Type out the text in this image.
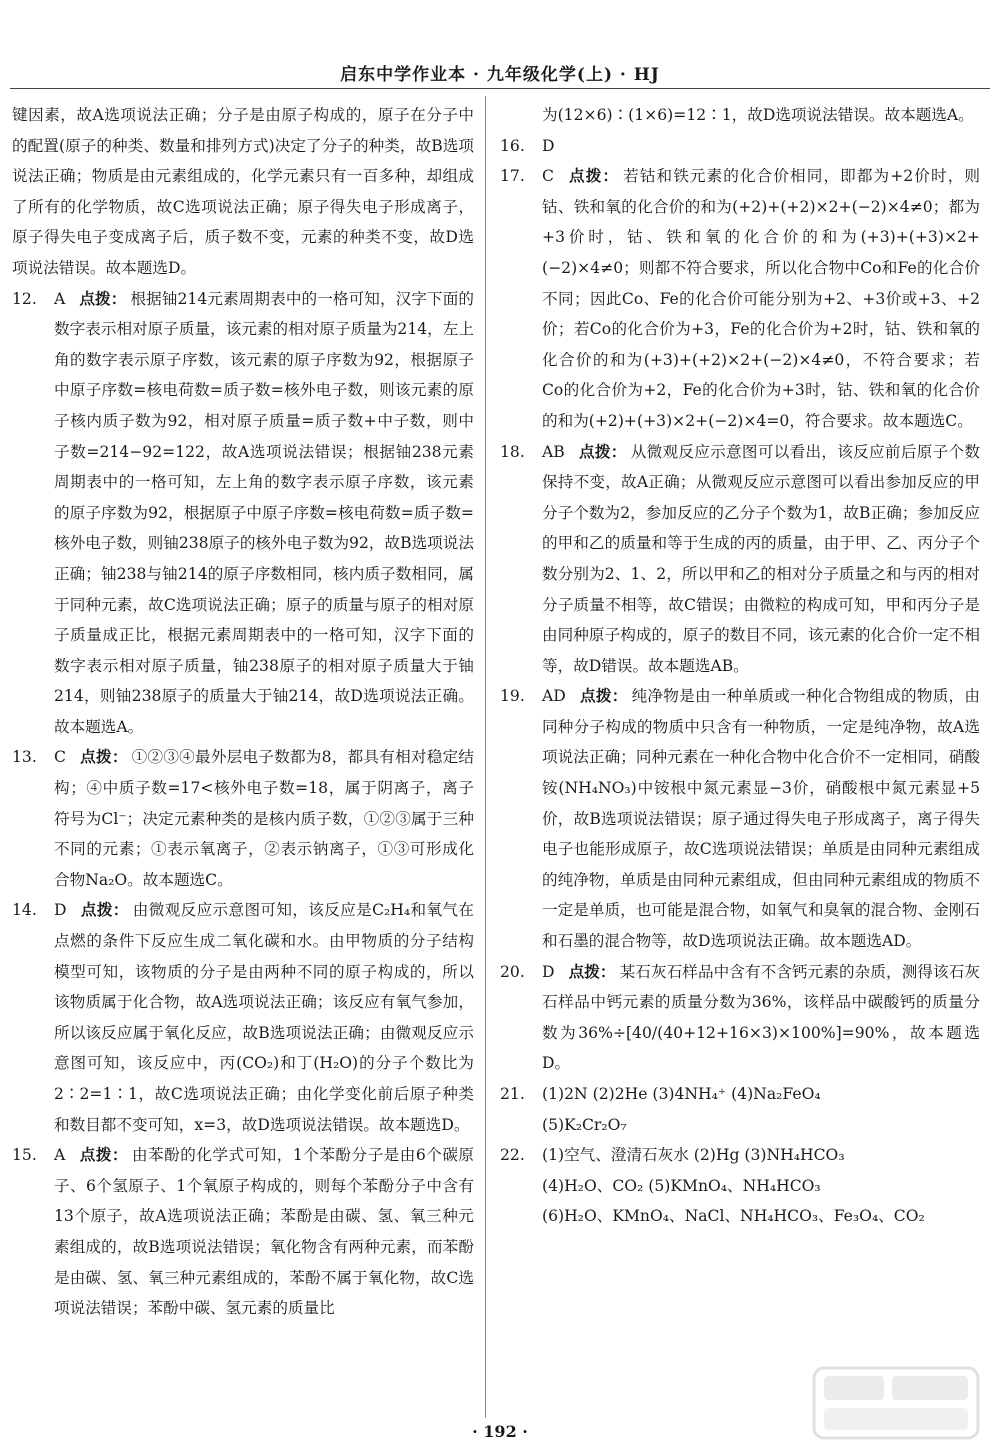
启东中学作业本 · 九年级化学(上) · HJ
键因素，故A选项说法正确；分子是由原子构成的，原子在分子中的配置(原子的种类、数量和排列方式)决定了分子的种类，故B选项说法正确；物质是由元素组成的，化学元素只有一百多种，却组成了所有的化学物质，故C选项说法正确；原子得失电子形成离子，原子得失电子变成离子后，质子数不变，元素的种类不变，故D选项说法错误。故本题选D。
12.	A 点拨： 根据铀214元素周期表中的一格可知，汉字下面的数字表示相对原子质量，该元素的相对原子质量为214，左上角的数字表示原子序数，该元素的原子序数为92，根据原子中原子序数=核电荷数=质子数=核外电子数，则该元素的原子核内质子数为92，相对原子质量=质子数+中子数，则中子数=214−92=122，故A选项说法错误；根据铀238元素周期表中的一格可知，左上角的数字表示原子序数，该元素的原子序数为92，根据原子中原子序数=核电荷数=质子数=核外电子数，则铀238原子的核外电子数为92，故B选项说法正确；铀238与铀214的原子序数相同，核内质子数相同，属于同种元素，故C选项说法正确；原子的质量与原子的相对原子质量成正比，根据元素周期表中的一格可知，汉字下面的数字表示相对原子质量，铀238原子的相对原子质量大于铀214，则铀238原子的质量大于铀214，故D选项说法正确。故本题选A。
13.	C 点拨： ①②③④最外层电子数都为8，都具有相对稳定结构；④中质子数=17<核外电子数=18，属于阴离子，离子符号为Cl⁻；决定元素种类的是核内质子数，①②③属于三种不同的元素；①表示氧离子，②表示钠离子，①③可形成化合物Na₂O。故本题选C。
14.	D 点拨： 由微观反应示意图可知，该反应是C₂H₄和氧气在点燃的条件下反应生成二氧化碳和水。由甲物质的分子结构模型可知，该物质的分子是由两种不同的原子构成的，所以该物质属于化合物，故A选项说法正确；该反应有氧气参加，所以该反应属于氧化反应，故B选项说法正确；由微观反应示意图可知，该反应中，丙(CO₂)和丁(H₂O)的分子个数比为2∶2=1∶1，故C选项说法正确；由化学变化前后原子种类和数目都不变可知，x=3，故D选项说法错误。故本题选D。
15.	A 点拨： 由苯酚的化学式可知，1个苯酚分子是由6个碳原子、6个氢原子、1个氧原子构成的，则每个苯酚分子中含有13个原子，故A选项说法正确；苯酚是由碳、氢、氧三种元素组成的，故B选项说法错误；氧化物含有两种元素，而苯酚是由碳、氢、氧三种元素组成的，苯酚不属于氧化物，故C选项说法错误；苯酚中碳、氢元素的质量比
为(12×6)∶(1×6)=12∶1，故D选项说法错误。故本题选A。
16.	D
17.	C 点拨： 若钴和铁元素的化合价相同，即都为+2价时，则钴、铁和氧的化合价的和为(+2)+(+2)×2+(−2)×4≠0；都为+3价时，钴、铁和氧的化合价的和为(+3)+(+3)×2+(−2)×4≠0；则都不符合要求，所以化合物中Co和Fe的化合价不同；因此Co、Fe的化合价可能分别为+2、+3价或+3、+2价；若Co的化合价为+3，Fe的化合价为+2时，钴、铁和氧的化合价的和为(+3)+(+2)×2+(−2)×4≠0，不符合要求；若Co的化合价为+2，Fe的化合价为+3时，钴、铁和氧的化合价的和为(+2)+(+3)×2+(−2)×4=0，符合要求。故本题选C。
18.	AB 点拨： 从微观反应示意图可以看出，该反应前后原子个数保持不变，故A正确；从微观反应示意图可以看出参加反应的甲分子个数为2，参加反应的乙分子个数为1，故B正确；参加反应的甲和乙的质量和等于生成的丙的质量，由于甲、乙、丙分子个数分别为2、1、2，所以甲和乙的相对分子质量之和与丙的相对分子质量不相等，故C错误；由微粒的构成可知，甲和丙分子是由同种原子构成的，原子的数目不同，该元素的化合价一定不相等，故D错误。故本题选AB。
19.	AD 点拨： 纯净物是由一种单质或一种化合物组成的物质，由同种分子构成的物质中只含有一种物质，一定是纯净物，故A选项说法正确；同种元素在一种化合物中化合价不一定相同，硝酸铵(NH₄NO₃)中铵根中氮元素显−3价，硝酸根中氮元素显+5价，故B选项说法错误；原子通过得失电子形成离子，离子得失电子也能形成原子，故C选项说法错误；单质是由同种元素组成的纯净物，单质是由同种元素组成，但由同种元素组成的物质不一定是单质，也可能是混合物，如氧气和臭氧的混合物、金刚石和石墨的混合物等，故D选项说法正确。故本题选AD。
20.	D 点拨： 某石灰石样品中含有不含钙元素的杂质，测得该石灰石样品中钙元素的质量分数为36%，该样品中碳酸钙的质量分数为36%÷[40/(40+12+16×3)×100%]=90%，故本题选D。
21.	(1)2N (2)2He (3)4NH₄⁺ (4)Na₂FeO₄
(5)K₂Cr₂O₇
22.	(1)空气、澄清石灰水 (2)Hg (3)NH₄HCO₃
(4)H₂O、CO₂ (5)KMnO₄、NH₄HCO₃
(6)H₂O、KMnO₄、NaCl、NH₄HCO₃、Fe₃O₄、CO₂
· 192 ·
